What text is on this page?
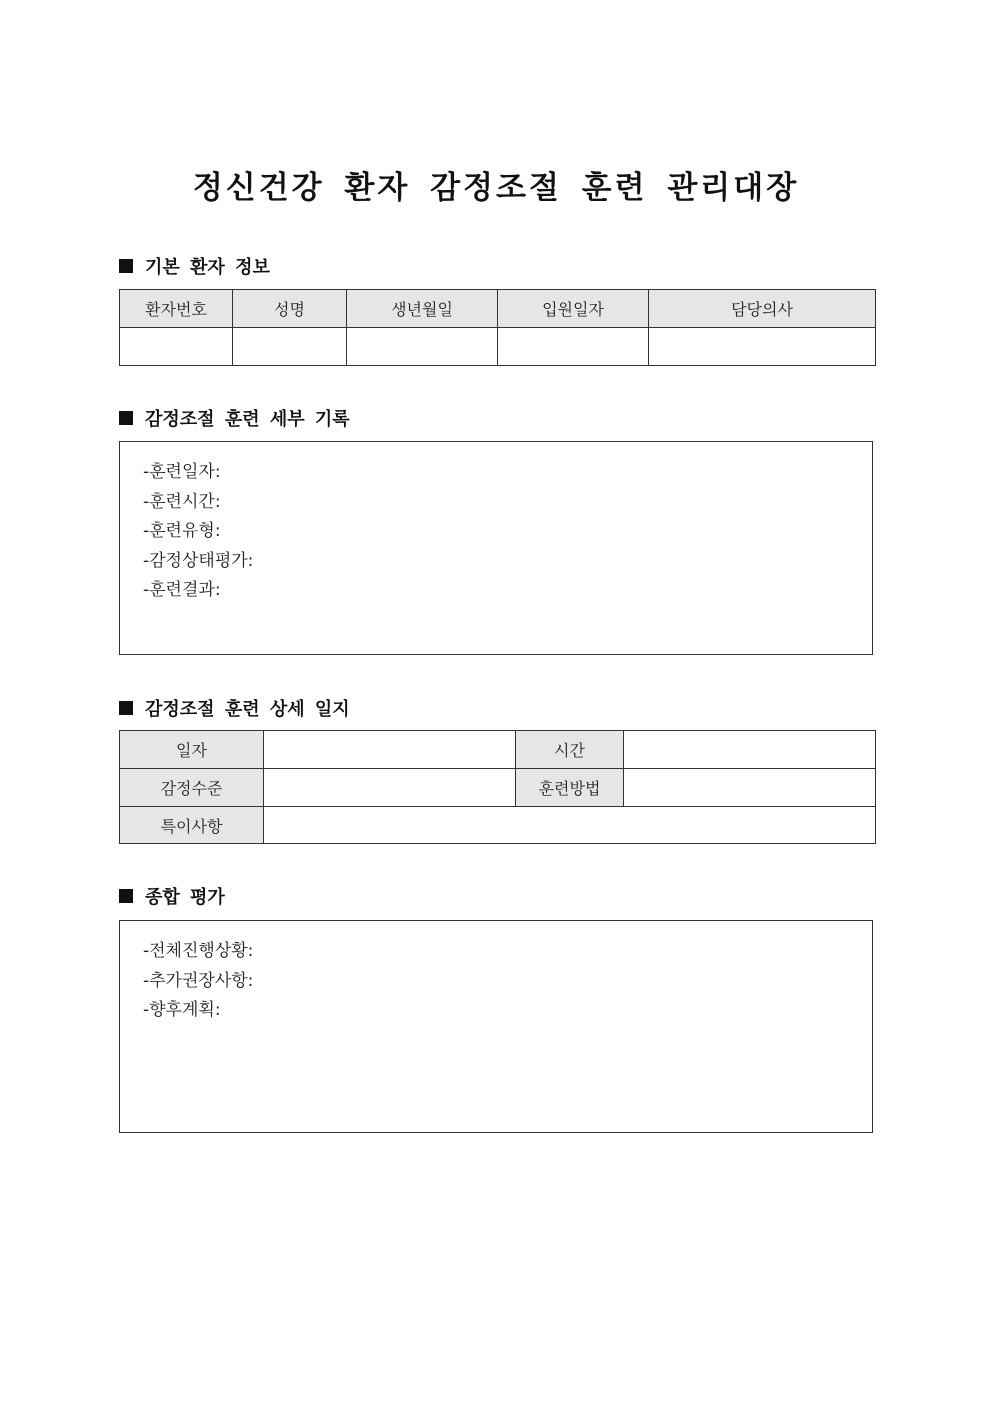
정신건강 환자 감정조절 훈련 관리대장
기본 환자 정보
환자번호	성명	생년월일	입원일자	담당의사

감정조절 훈련 세부 기록
-훈련일자:
-훈련시간:
-훈련유형:
-감정상태평가:
-훈련결과:
감정조절 훈련 상세 일지
일자		시간	
감정수준		훈련방법	
특이사항			
종합 평가
-전체진행상황:
-추가권장사항:
-향후계획:
